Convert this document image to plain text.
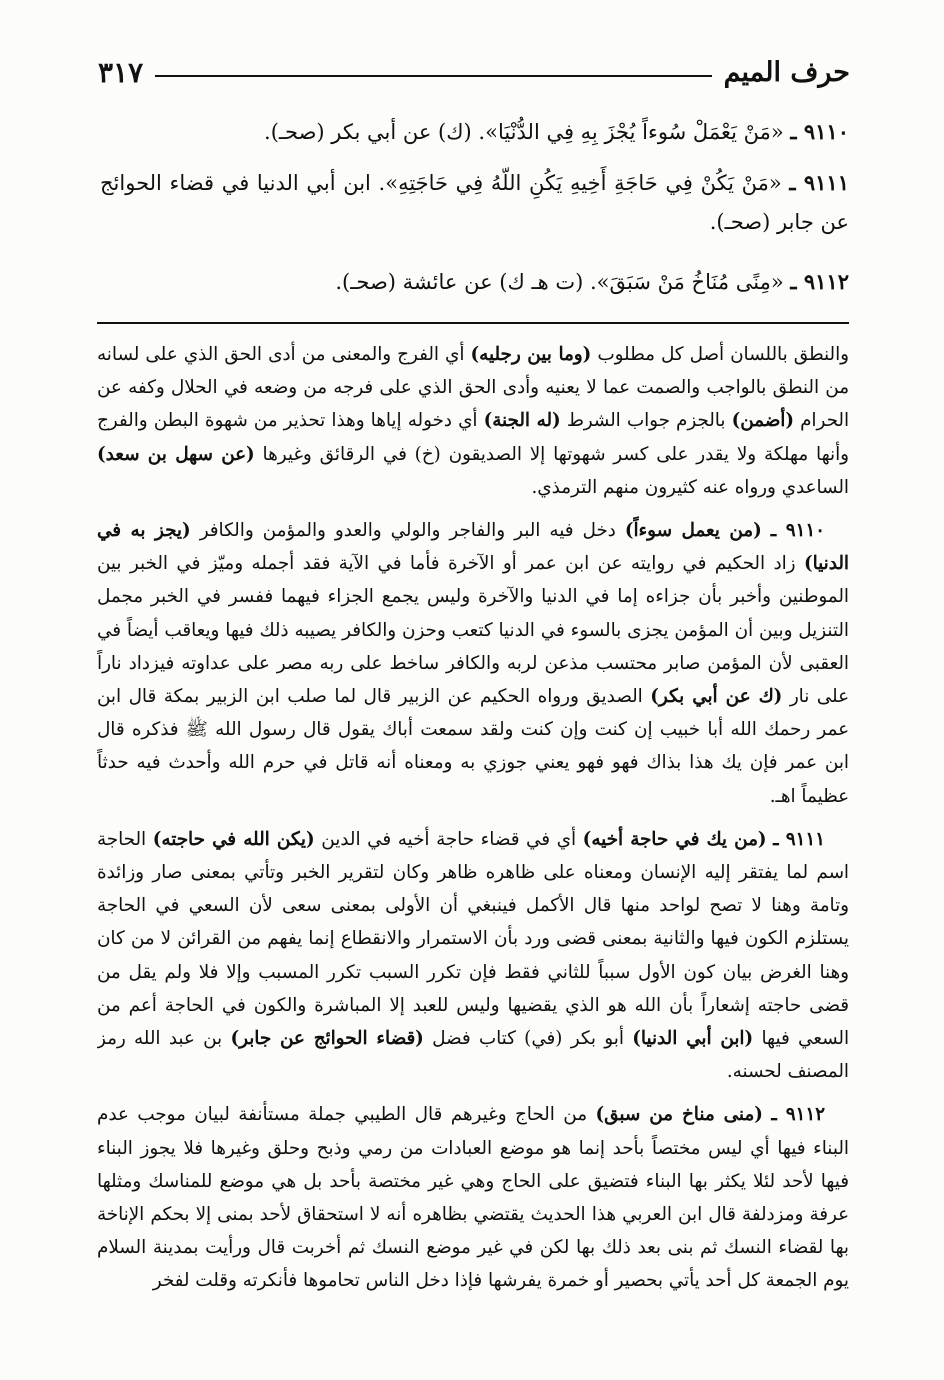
حرف الميم
٣١٧
٩١١٠ ـ «مَنْ يَعْمَلْ سُوءاً يُجْزَ بِهِ فِي الدُّنْيَا». (ك) عن أبي بكر (صحـ).
٩١١١ ـ «مَنْ يَكُنْ فِي حَاجَةِ أَخِيهِ يَكُنِ اللّهُ فِي حَاجَتِهِ». ابن أبي الدنيا في قضاء الحوائج عن جابر (صحـ).
٩١١٢ ـ «مِنًى مُنَاخُ مَنْ سَبَقَ». (ت هـ ك) عن عائشة (صحـ).

والنطق باللسان أصل كل مطلوب (وما بين رجليه) أي الفرج والمعنى من أدى الحق الذي على لسانه من النطق بالواجب والصمت عما لا يعنيه وأدى الحق الذي على فرجه من وضعه في الحلال وكفه عن الحرام (أضمن) بالجزم جواب الشرط (له الجنة) أي دخوله إياها وهذا تحذير من شهوة البطن والفرج وأنها مهلكة ولا يقدر على كسر شهوتها إلا الصديقون (خ) في الرقائق وغيرها (عن سهل بن سعد) الساعدي ورواه عنه كثيرون منهم الترمذي.

٩١١٠ ـ (من يعمل سوءاً) دخل فيه البر والفاجر والولي والعدو والمؤمن والكافر (يجز به في الدنيا) زاد الحكيم في روايته عن ابن عمر أو الآخرة فأما في الآية فقد أجمله وميّز في الخبر بين الموطنين وأخبر بأن جزاءه إما في الدنيا والآخرة وليس يجمع الجزاء فيهما ففسر في الخبر مجمل التنزيل وبين أن المؤمن يجزى بالسوء في الدنيا كتعب وحزن والكافر يصيبه ذلك فيها ويعاقب أيضاً في العقبى لأن المؤمن صابر محتسب مذعن لربه والكافر ساخط على ربه مصر على عداوته فيزداد ناراً على نار (ك عن أبي بكر) الصديق ورواه الحكيم عن الزبير قال لما صلب ابن الزبير بمكة قال ابن عمر رحمك الله أبا خبيب إن كنت وإن كنت ولقد سمعت أباك يقول قال رسول الله ﷺ فذكره قال ابن عمر فإن يك هذا بذاك فهو فهو يعني جوزي به ومعناه أنه قاتل في حرم الله وأحدث فيه حدثاً عظيماً اهـ.

٩١١١ ـ (من يك في حاجة أخيه) أي في قضاء حاجة أخيه في الدين (يكن الله في حاجته) الحاجة اسم لما يفتقر إليه الإنسان ومعناه على ظاهره ظاهر وكان لتقرير الخبر وتأتي بمعنى صار وزائدة وتامة وهنا لا تصح لواحد منها قال الأكمل فينبغي أن الأولى بمعنى سعى لأن السعي في الحاجة يستلزم الكون فيها والثانية بمعنى قضى ورد بأن الاستمرار والانقطاع إنما يفهم من القرائن لا من كان وهنا الغرض بيان كون الأول سبباً للثاني فقط فإن تكرر السبب تكرر المسبب وإلا فلا ولم يقل من قضى حاجته إشعاراً بأن الله هو الذي يقضيها وليس للعبد إلا المباشرة والكون في الحاجة أعم من السعي فيها (ابن أبي الدنيا) أبو بكر (في) كتاب فضل (قضاء الحوائج عن جابر) بن عبد الله رمز المصنف لحسنه.

٩١١٢ ـ (منى مناخ من سبق) من الحاج وغيرهم قال الطيبي جملة مستأنفة لبيان موجب عدم البناء فيها أي ليس مختصاً بأحد إنما هو موضع العبادات من رمي وذبح وحلق وغيرها فلا يجوز البناء فيها لأحد لئلا يكثر بها البناء فتضيق على الحاج وهي غير مختصة بأحد بل هي موضع للمناسك ومثلها عرفة ومزدلفة قال ابن العربي هذا الحديث يقتضي بظاهره أنه لا استحقاق لأحد بمنى إلا بحكم الإناخة بها لقضاء النسك ثم بنى بعد ذلك بها لكن في غير موضع النسك ثم أخربت قال ورأيت بمدينة السلام يوم الجمعة كل أحد يأتي بحصير أو خمرة يفرشها فإذا دخل الناس تحاموها فأنكرته وقلت لفخر
